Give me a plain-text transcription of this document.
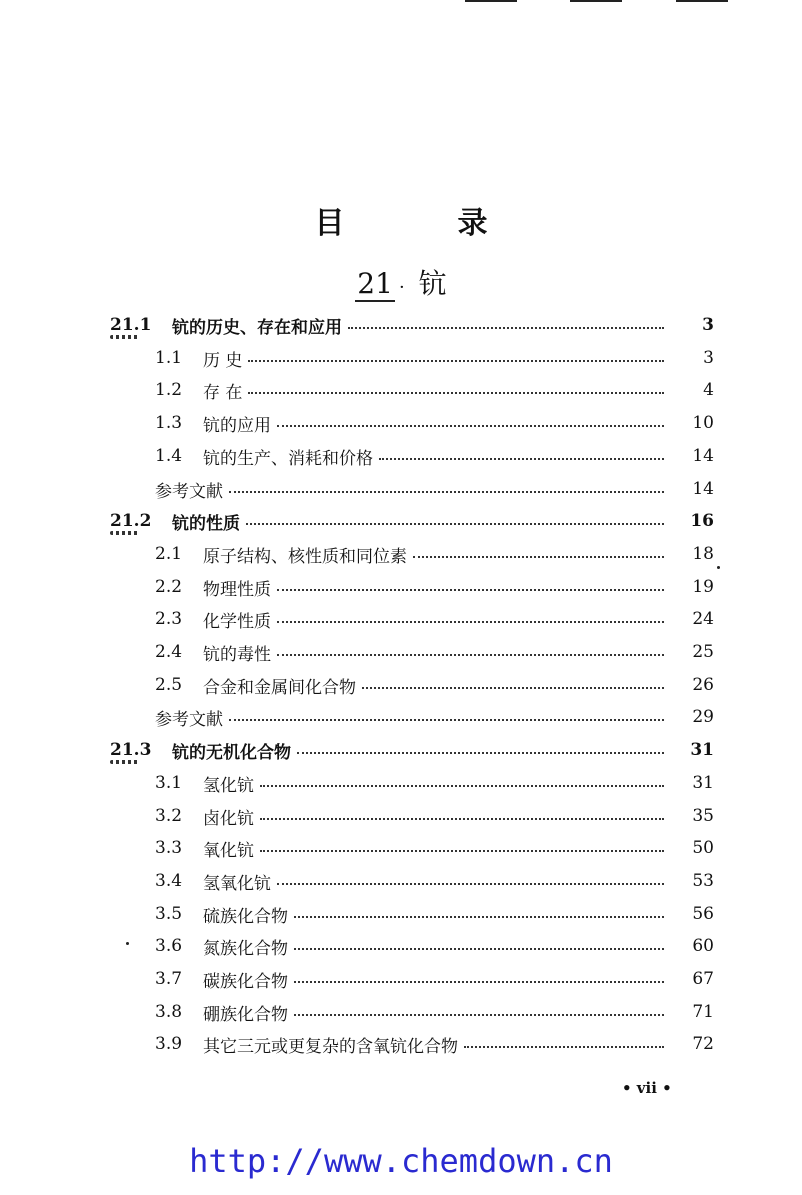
目	录
21 · 钪
21.1	钪的历史、存在和应用	3
1.1	历 史	3
1.2	存 在	4
1.3	钪的应用	10
1.4	钪的生产、消耗和价格	14
参考文献	14
21.2	钪的性质	16
2.1	原子结构、核性质和同位素	18
2.2	物理性质	19
2.3	化学性质	24
2.4	钪的毒性	25
2.5	合金和金属间化合物	26
参考文献	29
21.3	钪的无机化合物	31
3.1	氢化钪	31
3.2	卤化钪	35
3.3	氧化钪	50
3.4	氢氧化钪	53
3.5	硫族化合物	56
3.6	氮族化合物	60
3.7	碳族化合物	67
3.8	硼族化合物	71
3.9	其它三元或更复杂的含氧钪化合物	72
• vii •
http://www.chemdown.cn
